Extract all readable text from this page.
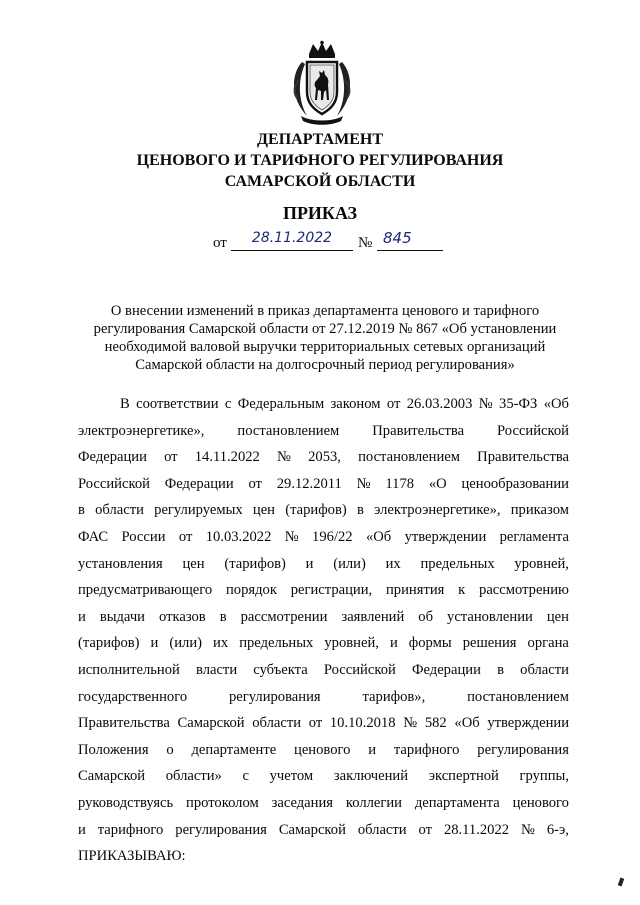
ДЕПАРТАМЕНТ
ЦЕНОВОГО И ТАРИФНОГО РЕГУЛИРОВАНИЯ
САМАРСКОЙ ОБЛАСТИ
ПРИКАЗ
от	28.11.2022	№ 845
О внесении изменений в приказ департамента ценового и тарифного
регулирования Самарской области от 27.12.2019 № 867 «Об установлении
необходимой валовой выручки территориальных сетевых организаций
Самарской области на долгосрочный период регулирования»
В соответствии с Федеральным законом от 26.03.2003 № 35-ФЗ «Об
электроэнергетике», постановлением Правительства Российской
Федерации от 14.11.2022 № 2053, постановлением Правительства
Российской Федерации от 29.12.2011 № 1178 «О ценообразовании
в области регулируемых цен (тарифов) в электроэнергетике», приказом
ФАС России от 10.03.2022 № 196/22 «Об утверждении регламента
установления цен (тарифов) и (или) их предельных уровней,
предусматривающего порядок регистрации, принятия к рассмотрению
и выдачи отказов в рассмотрении заявлений об установлении цен
(тарифов) и (или) их предельных уровней, и формы решения органа
исполнительной власти субъекта Российской Федерации в области
государственного	регулирования	тарифов»,	постановлением
Правительства Самарской области от 10.10.2018 № 582 «Об утверждении
Положения о департаменте ценового и тарифного регулирования
Самарской области» с учетом заключений экспертной группы,
руководствуясь протоколом заседания коллегии департамента ценового
и тарифного регулирования Самарской области от 28.11.2022 № 6-э,
ПРИКАЗЫВАЮ:
